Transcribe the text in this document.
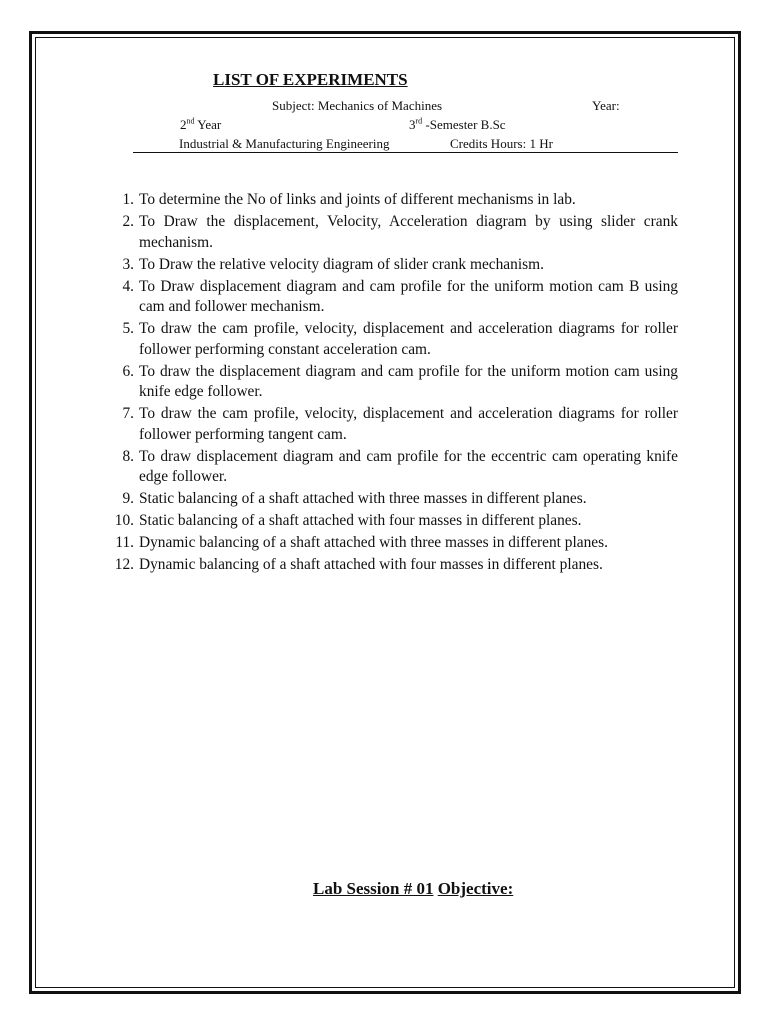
LIST OF EXPERIMENTS
Subject: Mechanics of Machines	Year:
2nd Year	3rd -Semester B.Sc
Industrial & Manufacturing Engineering	Credits Hours: 1 Hr
1. To determine the No of links and joints of different mechanisms in lab.
2. To Draw the displacement, Velocity, Acceleration diagram by using slider crank mechanism.
3. To Draw the relative velocity diagram of slider crank mechanism.
4. To Draw displacement diagram and cam profile for the uniform motion cam B using cam and follower mechanism.
5. To draw the cam profile, velocity, displacement and acceleration diagrams for roller follower performing constant acceleration cam.
6. To draw the displacement diagram and cam profile for the uniform motion cam using knife edge follower.
7. To draw the cam profile, velocity, displacement and acceleration diagrams for roller follower performing tangent cam.
8. To draw displacement diagram and cam profile for the eccentric cam operating knife edge follower.
9. Static balancing of a shaft attached with three masses in different planes.
10. Static balancing of a shaft attached with four masses in different planes.
11. Dynamic balancing of a shaft attached with three masses in different planes.
12. Dynamic balancing of a shaft attached with four masses in different planes.
Lab Session # 01 Objective:
